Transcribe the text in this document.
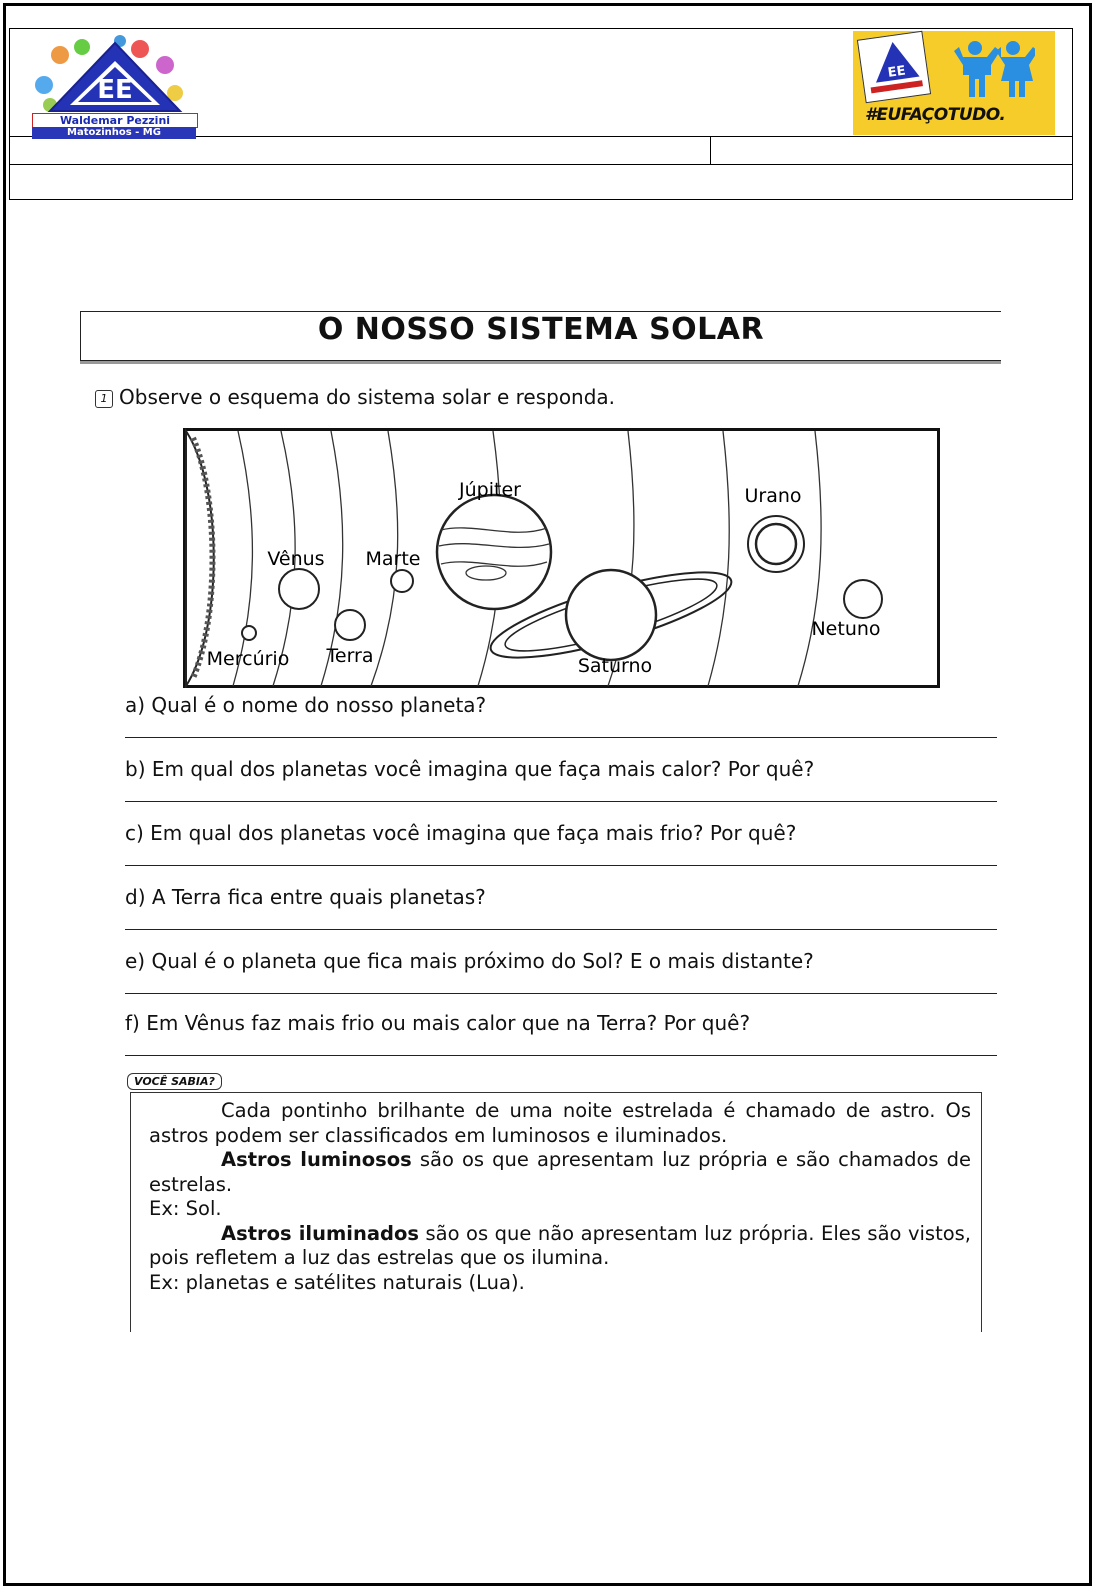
EE
Waldemar Pezzini
Matozinhos - MG
EE
#EUFAÇOTUDO.
O NOSSO SISTEMA SOLAR
1 Observe o esquema do sistema solar e responda.
Mercúrio
Vênus
Terra
Marte
Júpiter
Saturno
Urano
Netuno
a) Qual é o nome do nosso planeta?
b) Em qual dos planetas você imagina que faça mais calor? Por quê?
c) Em qual dos planetas você imagina que faça mais frio? Por quê?
d) A Terra fica entre quais planetas?
e) Qual é o planeta que fica mais próximo do Sol? E o mais distante?
f) Em Vênus faz mais frio ou mais calor que na Terra? Por quê?
VOCÊ SABIA?

Cada pontinho brilhante de uma noite estrelada é chamado de astro. Os astros podem ser classificados em luminosos e iluminados.

Astros luminosos são os que apresentam luz própria e são chamados de estrelas.

Ex: Sol.

Astros iluminados são os que não apresentam luz própria. Eles são vistos, pois refletem a luz das estrelas que os ilumina.

Ex: planetas e satélites naturais (Lua).
